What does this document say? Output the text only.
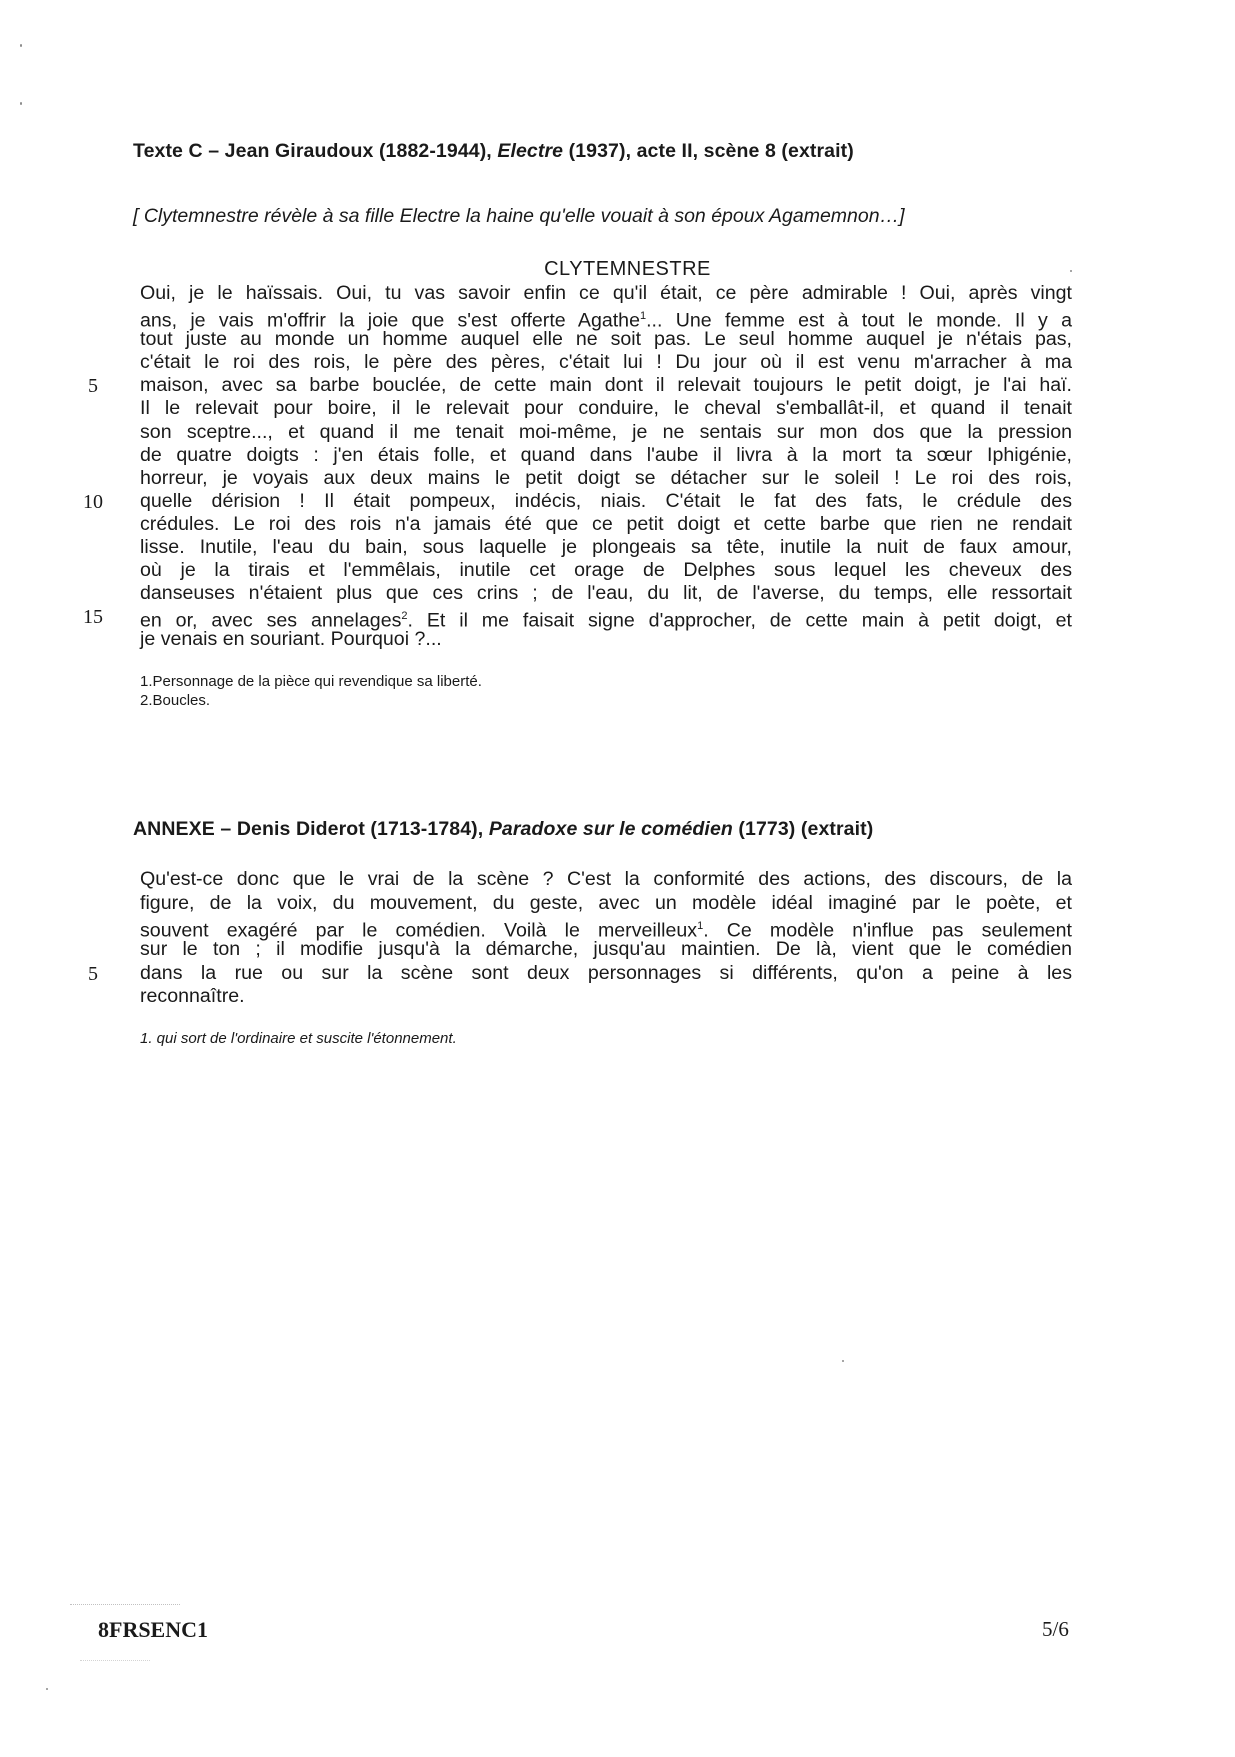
Texte C – Jean Giraudoux (1882-1944), Electre (1937), acte II, scène 8 (extrait)
[ Clytemnestre révèle à sa fille Electre la haine qu'elle vouait à son époux Agamemnon…]
CLYTEMNESTRE
Oui, je le haïssais. Oui, tu vas savoir enfin ce qu'il était, ce père admirable ! Oui, après vingt
ans, je vais m'offrir la joie que s'est offerte Agathe$^1$... Une femme est à tout le monde. Il y a
tout juste au monde un homme auquel elle ne soit pas. Le seul homme auquel je n'étais pas,
c'était le roi des rois, le père des pères, c'était lui ! Du jour où il est venu m'arracher à ma
maison, avec sa barbe bouclée, de cette main dont il relevait toujours le petit doigt, je l'ai haï.
Il le relevait pour boire, il le relevait pour conduire, le cheval s'emballât-il, et quand il tenait
son sceptre..., et quand il me tenait moi-même, je ne sentais sur mon dos que la pression
de quatre doigts : j'en étais folle, et quand dans l'aube il livra à la mort ta sœur Iphigénie,
horreur, je voyais aux deux mains le petit doigt se détacher sur le soleil ! Le roi des rois,
quelle dérision ! Il était pompeux, indécis, niais. C'était le fat des fats, le crédule des
crédules. Le roi des rois n'a jamais été que ce petit doigt et cette barbe que rien ne rendait
lisse. Inutile, l'eau du bain, sous laquelle je plongeais sa tête, inutile la nuit de faux amour,
où je la tirais et l'emmêlais, inutile cet orage de Delphes sous lequel les cheveux des
danseuses n'étaient plus que ces crins ; de l'eau, du lit, de l'averse, du temps, elle ressortait
en or, avec ses annelages$^2$. Et il me faisait signe d'approcher, de cette main à petit doigt, et
je venais en souriant. Pourquoi ?...
5
10
15
1.Personnage de la pièce qui revendique sa liberté.
2.Boucles.
ANNEXE – Denis Diderot (1713-1784), Paradoxe sur le comédien (1773) (extrait)
Qu'est-ce donc que le vrai de la scène ? C'est la conformité des actions, des discours, de la
figure, de la voix, du mouvement, du geste, avec un modèle idéal imaginé par le poète, et
souvent exagéré par le comédien. Voilà le merveilleux$^1$. Ce modèle n'influe pas seulement
sur le ton ; il modifie jusqu'à la démarche, jusqu'au maintien. De là, vient que le comédien
dans la rue ou sur la scène sont deux personnages si différents, qu'on a peine à les
reconnaître.
5
1. qui sort de l'ordinaire et suscite l'étonnement.
8FRSENC1	5/6
